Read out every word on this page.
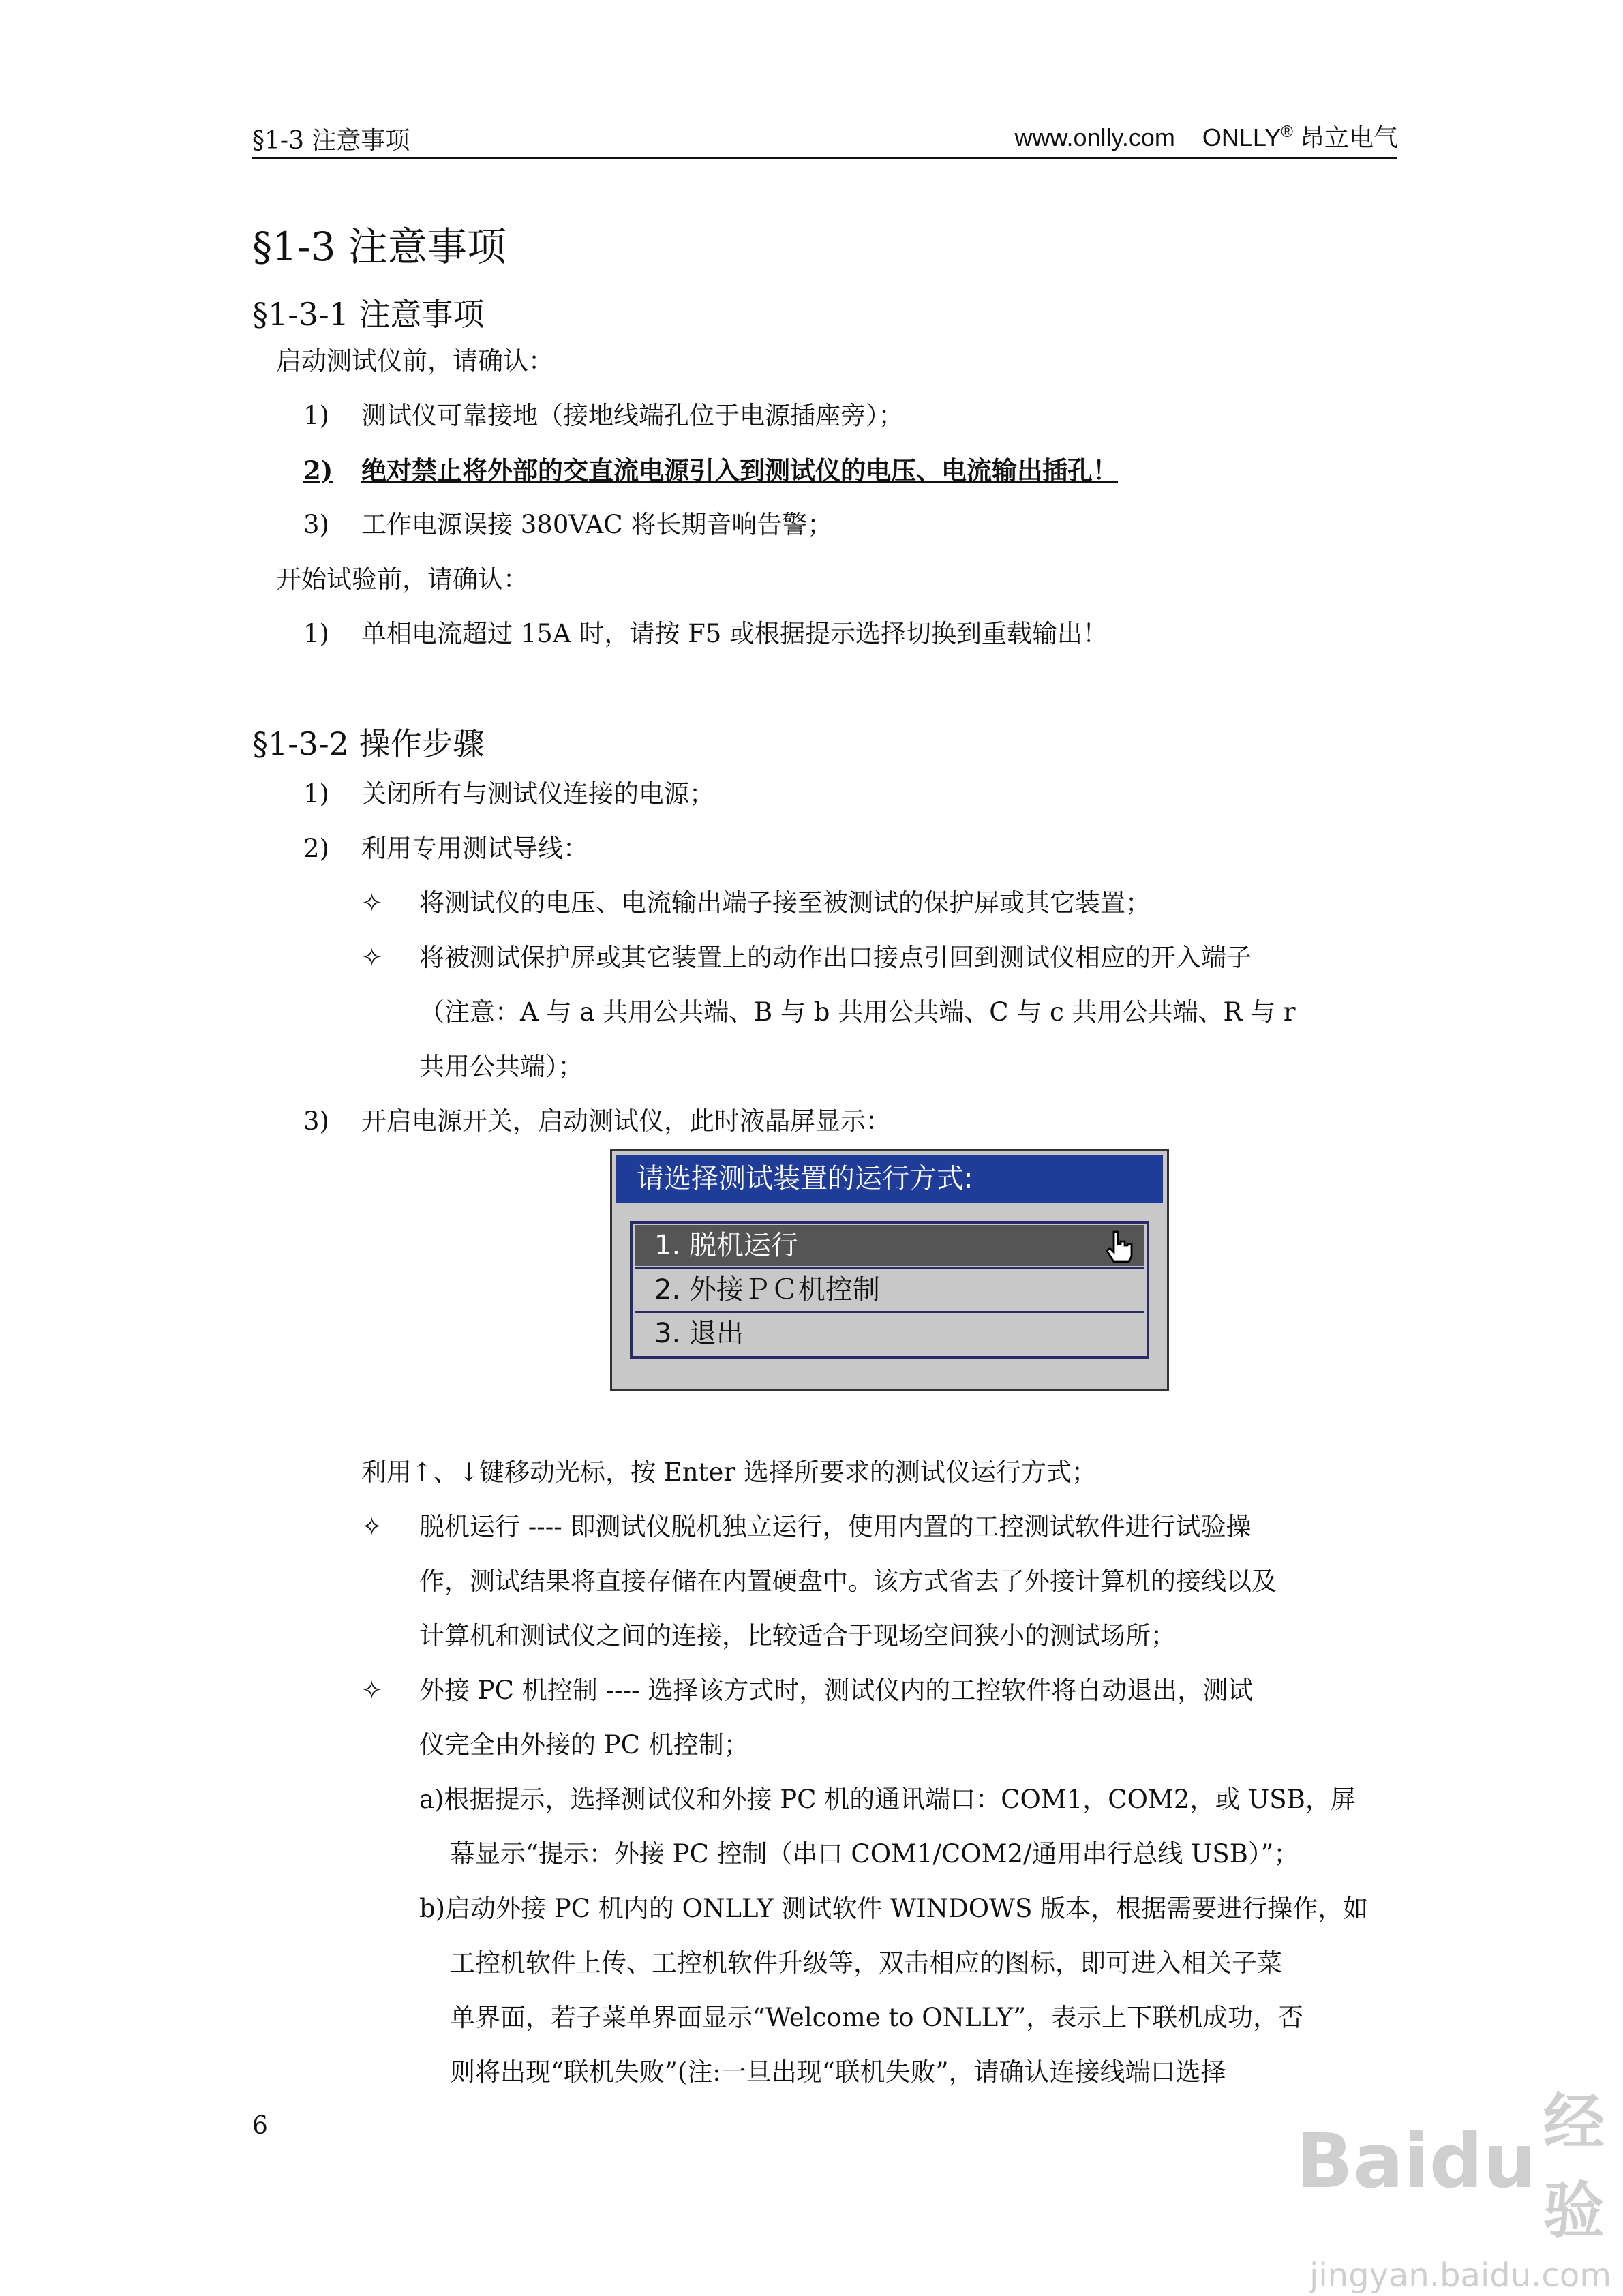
§1-3 注意事项	www.onlly.com ONLLY® 昂立电气
§1-3 注意事项
§1-3-1 注意事项
启动测试仪前，请确认：
1) 测试仪可靠接地（接地线端孔位于电源插座旁）；
2) 绝对禁止将外部的交直流电源引入到测试仪的电压、电流输出插孔！
3) 工作电源误接 380VAC 将长期音响告警；
开始试验前，请确认：
1) 单相电流超过 15A 时，请按 F5 或根据提示选择切换到重载输出！
§1-3-2 操作步骤
1) 关闭所有与测试仪连接的电源；
2) 利用专用测试导线：
✧ 将测试仪的电压、电流输出端子接至被测试的保护屏或其它装置；
✧ 将被测试保护屏或其它装置上的动作出口接点引回到测试仪相应的开入端子
（注意：A 与 a 共用公共端、B 与 b 共用公共端、C 与 c 共用公共端、R 与 r
共用公共端）；
3) 开启电源开关，启动测试仪，此时液晶屏显示：
请选择测试装置的运行方式:
1. 脱机运行
2. 外接ＰＣ机控制
3. 退出
利用↑、↓键移动光标，按 Enter 选择所要求的测试仪运行方式；
✧ 脱机运行 ---- 即测试仪脱机独立运行，使用内置的工控测试软件进行试验操
作，测试结果将直接存储在内置硬盘中。该方式省去了外接计算机的接线以及
计算机和测试仪之间的连接，比较适合于现场空间狭小的测试场所；
✧ 外接 PC 机控制 ---- 选择该方式时，测试仪内的工控软件将自动退出，测试
仪完全由外接的 PC 机控制；
a)根据提示，选择测试仪和外接 PC 机的通讯端口：COM1，COM2，或 USB，屏
幕显示“提示：外接 PC 控制（串口 COM1/COM2/通用串行总线 USB）”；
b)启动外接 PC 机内的 ONLLY 测试软件 WINDOWS 版本，根据需要进行操作，如
工控机软件上传、工控机软件升级等，双击相应的图标，即可进入相关子菜
单界面，若子菜单界面显示“Welcome to ONLLY”，表示上下联机成功，否
则将出现“联机失败”(注:一旦出现“联机失败”，请确认连接线端口选择
6	Baidu 经验
jingyan.baidu.com
